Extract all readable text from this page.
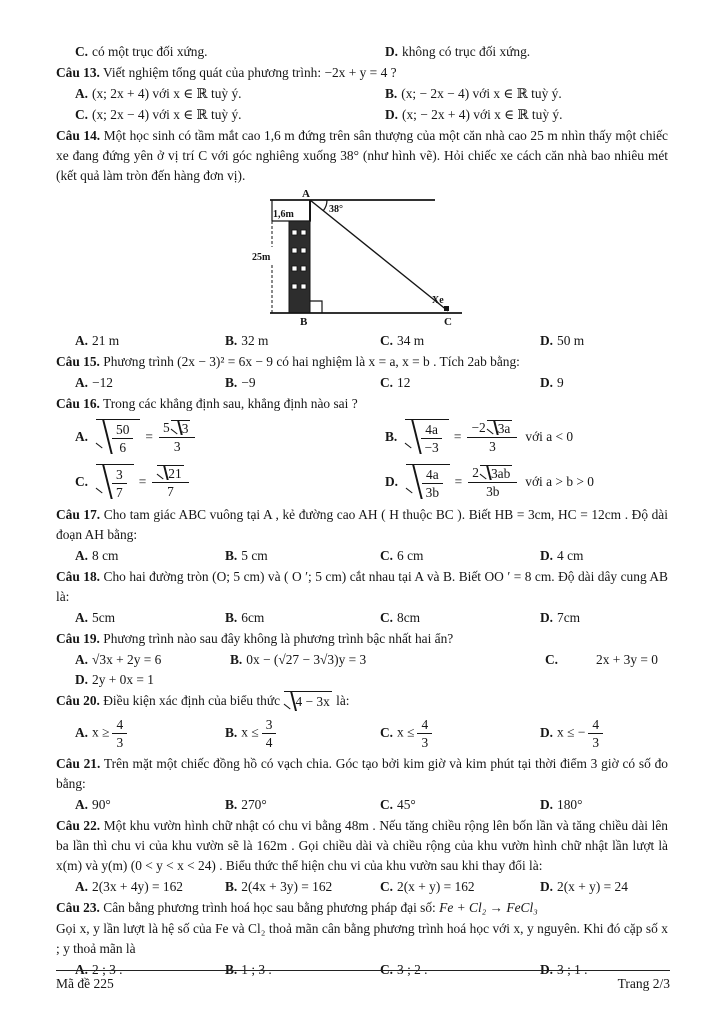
C. có một trục đối xứng.	D. không có trục đối xứng.
Câu 13. Viết nghiệm tổng quát của phương trình: −2x + y = 4 ?
A. (x; 2x + 4) với x ∈ ℝ tuỳ ý.	B. (x; − 2x − 4) với x ∈ ℝ tuỳ ý.
C. (x; 2x − 4) với x ∈ ℝ tuỳ ý.	D. (x; − 2x + 4) với x ∈ ℝ tuỳ ý.
Câu 14. Một học sinh có tầm mắt cao 1,6 m đứng trên sân thượng của một căn nhà cao 25 m nhìn thấy một chiếc xe đang đứng yên ở vị trí C với góc nghiêng xuống 38° (như hình vẽ). Hỏi chiếc xe cách căn nhà bao nhiêu mét (kết quả làm tròn đến hàng đơn vị).
A
B	C
Xe
1,6m
25m
38°
A. 21 m	B. 32 m	C. 34 m	D. 50 m
Câu 15. Phương trình (2x − 3)² = 6x − 9 có hai nghiệm là x = a, x = b . Tích 2ab bằng:
A. −12	B. −9	C. 12	D. 9
Câu 16. Trong các khẳng định sau, khẳng định nào sai ?
A. $\frac{50}{6} = \frac{5 3}{3}$	B. $\frac{4a}{-3} = \frac{-2 3a}{3}$ với a < 0
C. $\frac{3}{7} = \frac{21}{7}$	D. $\frac{4a}{3b} = \frac{2 3ab}{3b}$ với a > b > 0
Câu 17. Cho tam giác ABC vuông tại A , kẻ đường cao AH ( H thuộc BC ). Biết HB = 3cm, HC = 12cm . Độ dài đoạn AH bằng:
A. 8 cm	B. 5 cm	C. 6 cm	D. 4 cm
Câu 18. Cho hai đường tròn (O; 5 cm) và ( O ′; 5 cm) cắt nhau tại A và B. Biết OO ′ = 8 cm. Độ dài dây cung AB là:
A. 5cm	B. 6cm	C. 8cm	D. 7cm
Câu 19. Phương trình nào sau đây không là phương trình bậc nhất hai ẩn?
A. √3x + 2y = 6	B. 0x − (√27 − 3√3)y = 3	C.	2x + 3y = 0
D. 2y + 0x = 1
Câu 20. Điều kiện xác định của biểu thức 4 − 3x là:
A. $x \ge \frac{4}{3}$	B. $x \le \frac{3}{4}$	C. $x \le \frac{4}{3}$	D. x ≤ − $\frac{4}{3}$
Câu 21. Trên mặt một chiếc đồng hồ có vạch chia. Góc tạo bởi kim giờ và kim phút tại thời điểm 3 giờ có số đo bằng:
A. 90°	B. 270°	C. 45°	D. 180°
Câu 22. Một khu vườn hình chữ nhật có chu vi bằng 48m . Nếu tăng chiều rộng lên bốn lần và tăng chiều dài lên ba lần thì chu vi của khu vườn sẽ là 162m . Gọi chiều dài và chiều rộng của khu vườn hình chữ nhật lần lượt là x(m) và y(m) (0 < y < x < 24) . Biểu thức thể hiện chu vi của khu vườn sau khi thay đổi là:
A. 2(3x + 4y) = 162	B. 2(4x + 3y) = 162	C. 2(x + y) = 162	D. 2(x + y) = 24
Câu 23. Cân bằng phương trình hoá học sau bằng phương pháp đại số: Fe + Cl₂ → FeCl₃
Gọi x, y lần lượt là hệ số của Fe và Cl₂ thoả mãn cân bằng phương trình hoá học với x, y nguyên. Khi đó cặp số x ; y thoả mãn là
A. 2 ; 3 .	B. 1 ; 3 .	C. 3 ; 2 .	D. 3 ; 1 .
Mã đề 225	Trang 2/3
